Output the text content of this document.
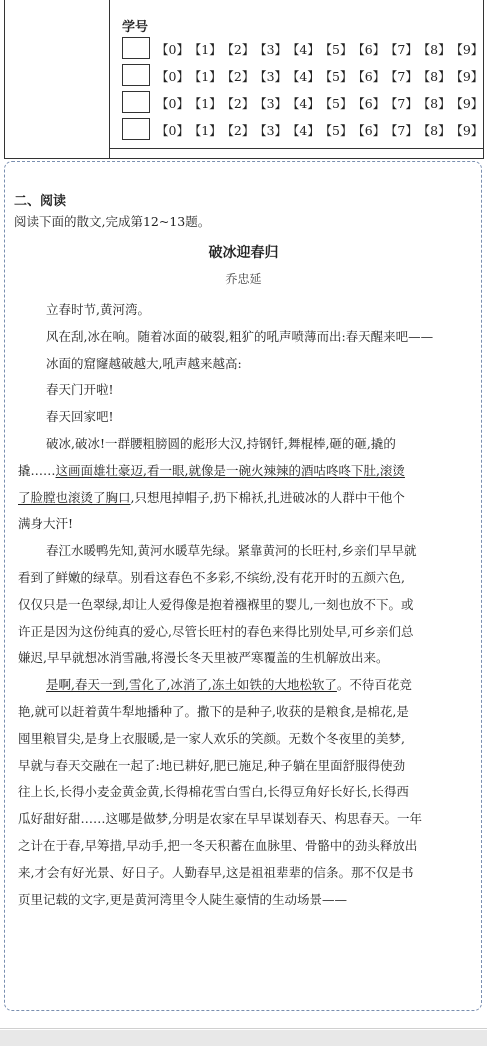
学号
【0】 【1】 【2】 【3】 【4】 【5】 【6】 【7】 【8】 【9】
【0】 【1】 【2】 【3】 【4】 【5】 【6】 【7】 【8】 【9】
【0】 【1】 【2】 【3】 【4】 【5】 【6】 【7】 【8】 【9】
【0】 【1】 【2】 【3】 【4】 【5】 【6】 【7】 【8】 【9】
二、阅读
阅读下面的散文,完成第12~13题。
破冰迎春归
乔忠延
立春时节,黄河湾。
风在刮,冰在响。随着冰面的破裂,粗犷的吼声喷薄而出:春天醒来吧——
冰面的窟窿越破越大,吼声越来越高:
春天门开啦!
春天回家吧!
破冰,破冰!一群腰粗膀圆的彪形大汉,持钢钎,舞棍棒,砸的砸,撬的
撬……这画面雄壮豪迈,看一眼,就像是一碗火辣辣的酒咕咚咚下肚,滚烫
了脸膛也滚烫了胸口,只想甩掉帽子,扔下棉袄,扎进破冰的人群中干他个
满身大汗!
春江水暖鸭先知,黄河水暖草先绿。紧靠黄河的长旺村,乡亲们早早就
看到了鲜嫩的绿草。别看这春色不多彩,不缤纷,没有花开时的五颜六色,
仅仅只是一色翠绿,却让人爱得像是抱着襁褓里的婴儿,一刻也放不下。或
许正是因为这份纯真的爱心,尽管长旺村的春色来得比别处早,可乡亲们总
嫌迟,早早就想冰消雪融,将漫长冬天里被严寒覆盖的生机解放出来。
是啊,春天一到,雪化了,冰消了,冻土如铁的大地松软了。不待百花竞
艳,就可以赶着黄牛犁地播种了。撒下的是种子,收获的是粮食,是棉花,是
囤里粮冒尖,是身上衣服暖,是一家人欢乐的笑颜。无数个冬夜里的美梦,
早就与春天交融在一起了:地已耕好,肥已施足,种子躺在里面舒服得使劲
往上长,长得小麦金黄金黄,长得棉花雪白雪白,长得豆角好长好长,长得西
瓜好甜好甜……这哪是做梦,分明是农家在早早谋划春天、构思春天。一年
之计在于春,早筹措,早动手,把一冬天积蓄在血脉里、骨骼中的劲头释放出
来,才会有好光景、好日子。人勤春早,这是祖祖辈辈的信条。那不仅是书
页里记载的文字,更是黄河湾里令人陡生豪情的生动场景——
